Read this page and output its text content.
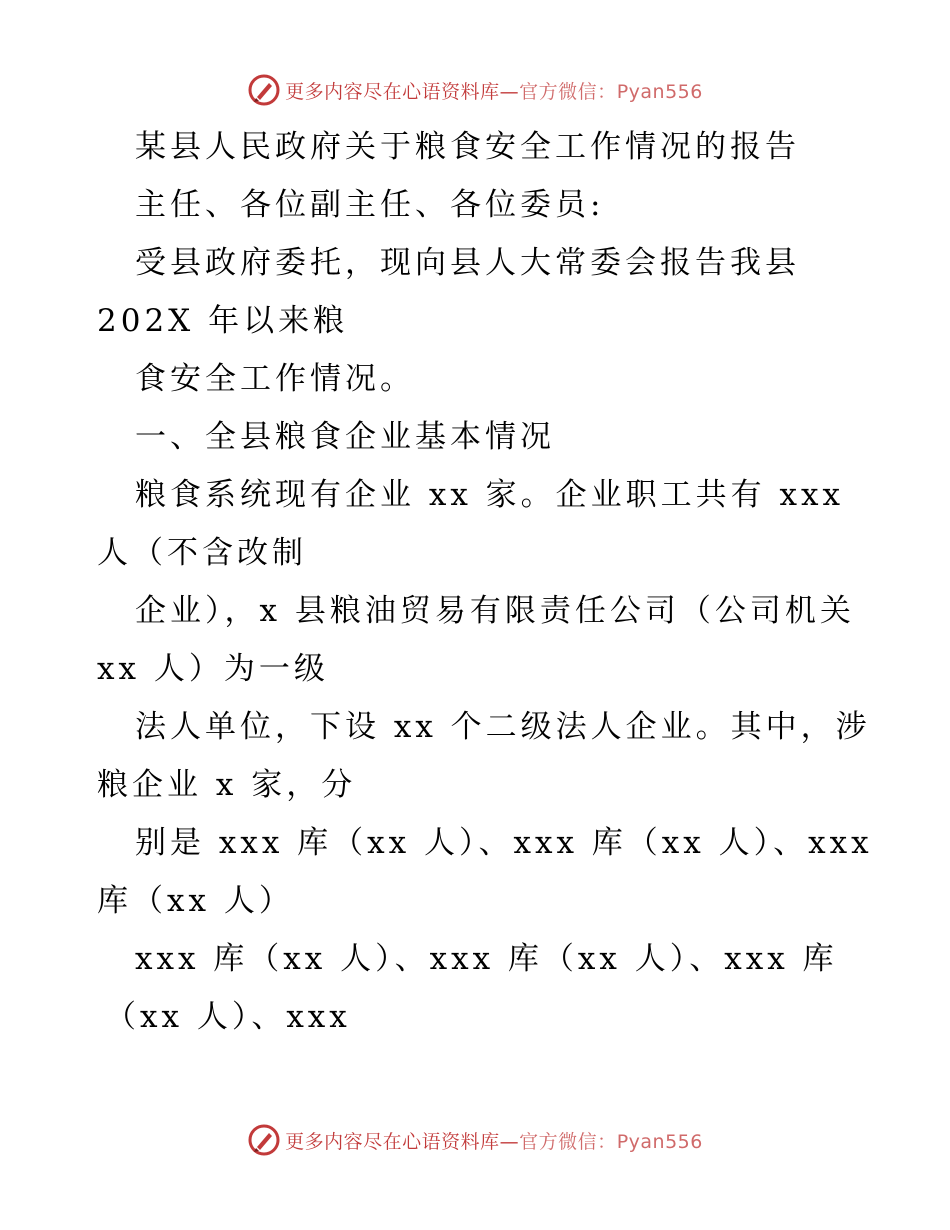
更多内容尽在心语资料库—官方微信：Pyan556
某县人民政府关于粮食安全工作情况的报告
主任、各位副主任、各位委员:
受县政府委托，现向县人大常委会报告我县
202X 年以来粮
食安全工作情况。
一、全县粮食企业基本情况
粮食系统现有企业 xx 家。企业职工共有 xxx
人（不含改制
企业），x 县粮油贸易有限责任公司（公司机关
xx 人）为一级
法人单位，下设 xx 个二级法人企业。其中，涉
粮企业 x 家，分
别是 xxx 库（xx 人）、xxx 库（xx 人）、xxx
库（xx 人）
xxx 库（xx 人）、xxx 库（xx 人）、xxx 库
（xx 人）、xxx
更多内容尽在心语资料库—官方微信：Pyan556
